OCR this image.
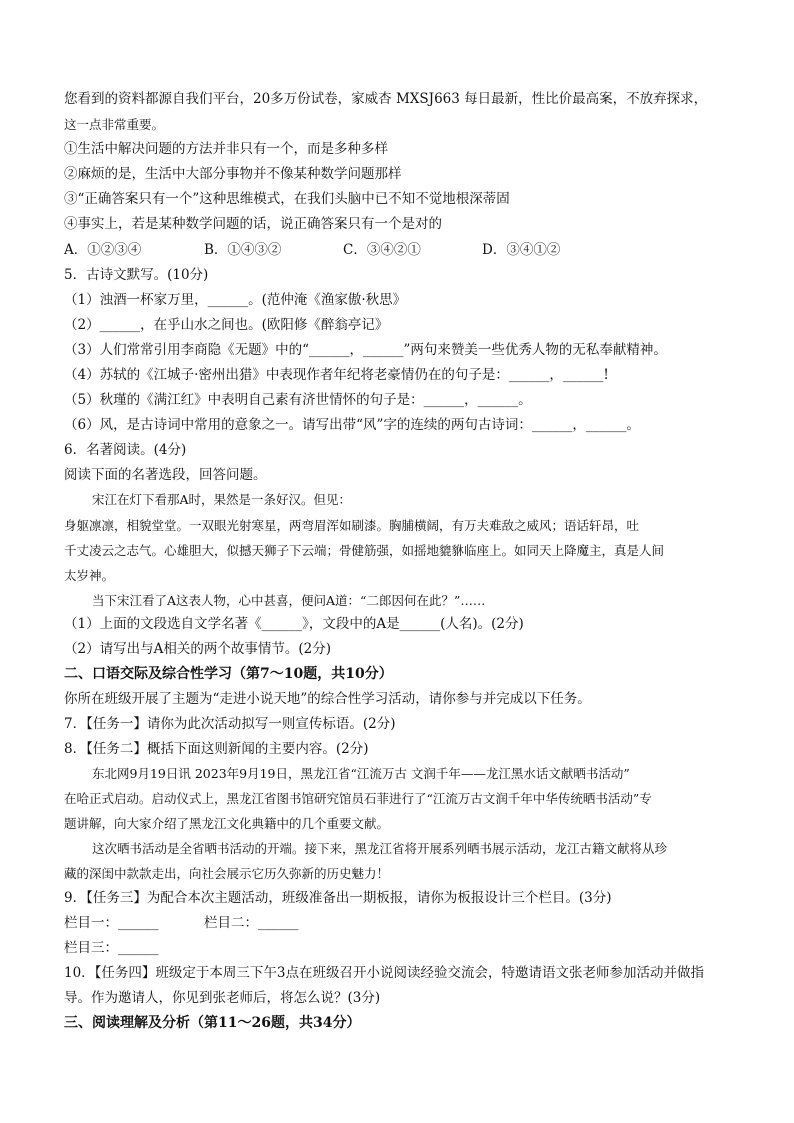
您看到的资料都源自我们平台，20多万份试卷，家威杏 MXSJ663 每日最新，性比价最高案，不放弃探求，
这一点非常重要。
①生活中解决问题的方法并非只有一个，而是多种多样
②麻烦的是，生活中大部分事物并不像某种数学问题那样
③“正确答案只有一个”这种思维模式，在我们头脑中已不知不觉地根深蒂固
④事实上，若是某种数学问题的话，说正确答案只有一个是对的
A．①②③④	B．①④③②	C．③④②①	D．③④①②
5．古诗文默写。(10分)
（1）浊酒一杯家万里，______。(范仲淹《渔家傲·秋思》
（2）______，在乎山水之间也。(欧阳修《醉翁亭记》
（3）人们常常引用李商隐《无题》中的“______，______”两句来赞美一些优秀人物的无私奉献精神。
（4）苏轼的《江城子·密州出猎》中表现作者年纪将老豪情仍在的句子是：______，______!
（5）秋瑾的《满江红》中表明自己素有济世情怀的句子是：______，______。
（6）风，是古诗词中常用的意象之一。请写出带“风”字的连续的两句古诗词：______，______。
6．名著阅读。(4分)
阅读下面的名著选段，回答问题。
宋江在灯下看那A时，果然是一条好汉。但见：
身躯凛凛，相貌堂堂。一双眼光射寒星，两弯眉浑如刷漆。胸脯横阔，有万夫难敌之威风；语话轩昂，吐
千丈凌云之志气。心雄胆大，似撼天狮子下云端；骨健筋强，如摇地貔貅临座上。如同天上降魔主，真是人间
太岁神。
当下宋江看了A这表人物，心中甚喜，便问A道：“二郎因何在此？”……
（1）上面的文段选自文学名著《______》，文段中的A是______(人名)。(2分)
（2）请写出与A相关的两个故事情节。(2分)
二、口语交际及综合性学习（第7～10题，共10分）
你所在班级开展了主题为“走进小说天地”的综合性学习活动，请你参与并完成以下任务。
7．【任务一】请你为此次活动拟写一则宣传标语。(2分)
8．【任务二】概括下面这则新闻的主要内容。(2分)
东北网9月19日讯 2023年9月19日，黑龙江省“江流万古 文润千年——龙江黑水话文献晒书活动”
在哈正式启动。启动仪式上，黑龙江省图书馆研究馆员石菲进行了“江流万古文润千年中华传统晒书活动”专
题讲解，向大家介绍了黑龙江文化典籍中的几个重要文献。
这次晒书活动是全省晒书活动的开端。接下来，黑龙江省将开展系列晒书展示活动，龙江古籍文献将从珍
藏的深闺中款款走出，向社会展示它历久弥新的历史魅力！
9．【任务三】为配合本次主题活动，班级准备出一期板报，请你为板报设计三个栏目。(3分)
栏目一：______	栏目二：______
栏目三：______
10．【任务四】班级定于本周三下午3点在班级召开小说阅读经验交流会，特邀请语文张老师参加活动并做指
导。作为邀请人，你见到张老师后，将怎么说？(3分)
三、阅读理解及分析（第11～26题，共34分）
